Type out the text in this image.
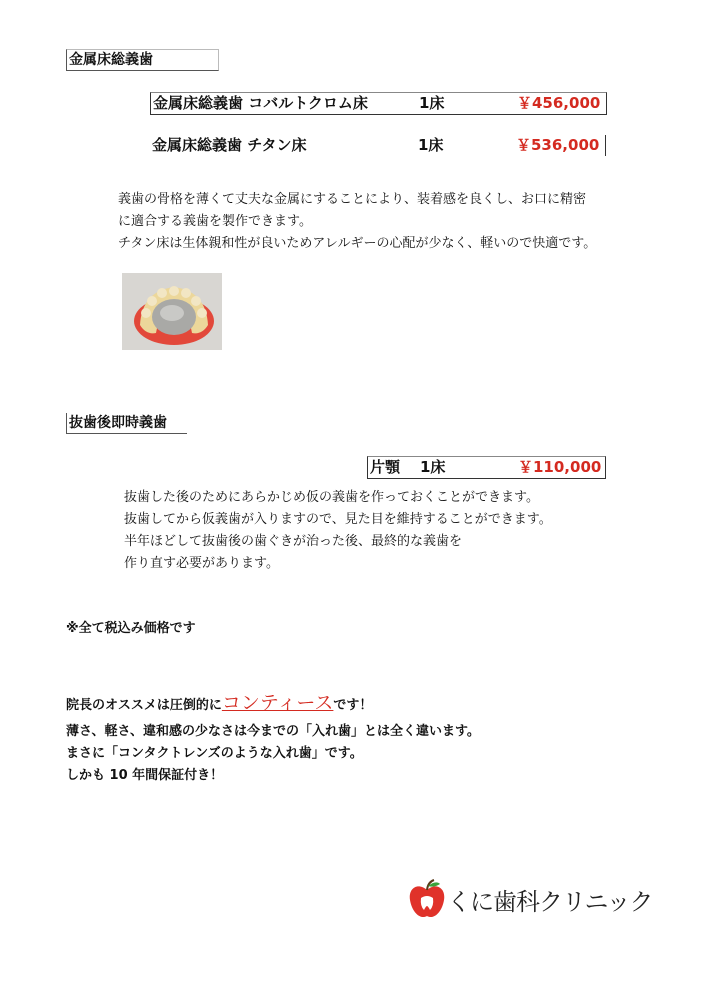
金属床総義歯
金属床総義歯 コバルトクロム床	1床	￥456,000
金属床総義歯 チタン床	1床	￥536,000
義歯の骨格を薄くて丈夫な金属にすることにより、装着感を良くし、お口に精密
に適合する義歯を製作できます。
チタン床は生体親和性が良いためアレルギーの心配が少なく、軽いので快適です。
抜歯後即時義歯
片顎 1床	￥110,000
抜歯した後のためにあらかじめ仮の義歯を作っておくことができます。
抜歯してから仮義歯が入りますので、見た目を維持することができます。
半年ほどして抜歯後の歯ぐきが治った後、最終的な義歯を
作り直す必要があります。
※全て税込み価格です
院長のオススメは圧倒的にコンティースです！
薄さ、軽さ、違和感の少なさは今までの「入れ歯」とは全く違います。
まさに「コンタクトレンズのような入れ歯」です。
しかも 10 年間保証付き！
くに歯科クリニック
